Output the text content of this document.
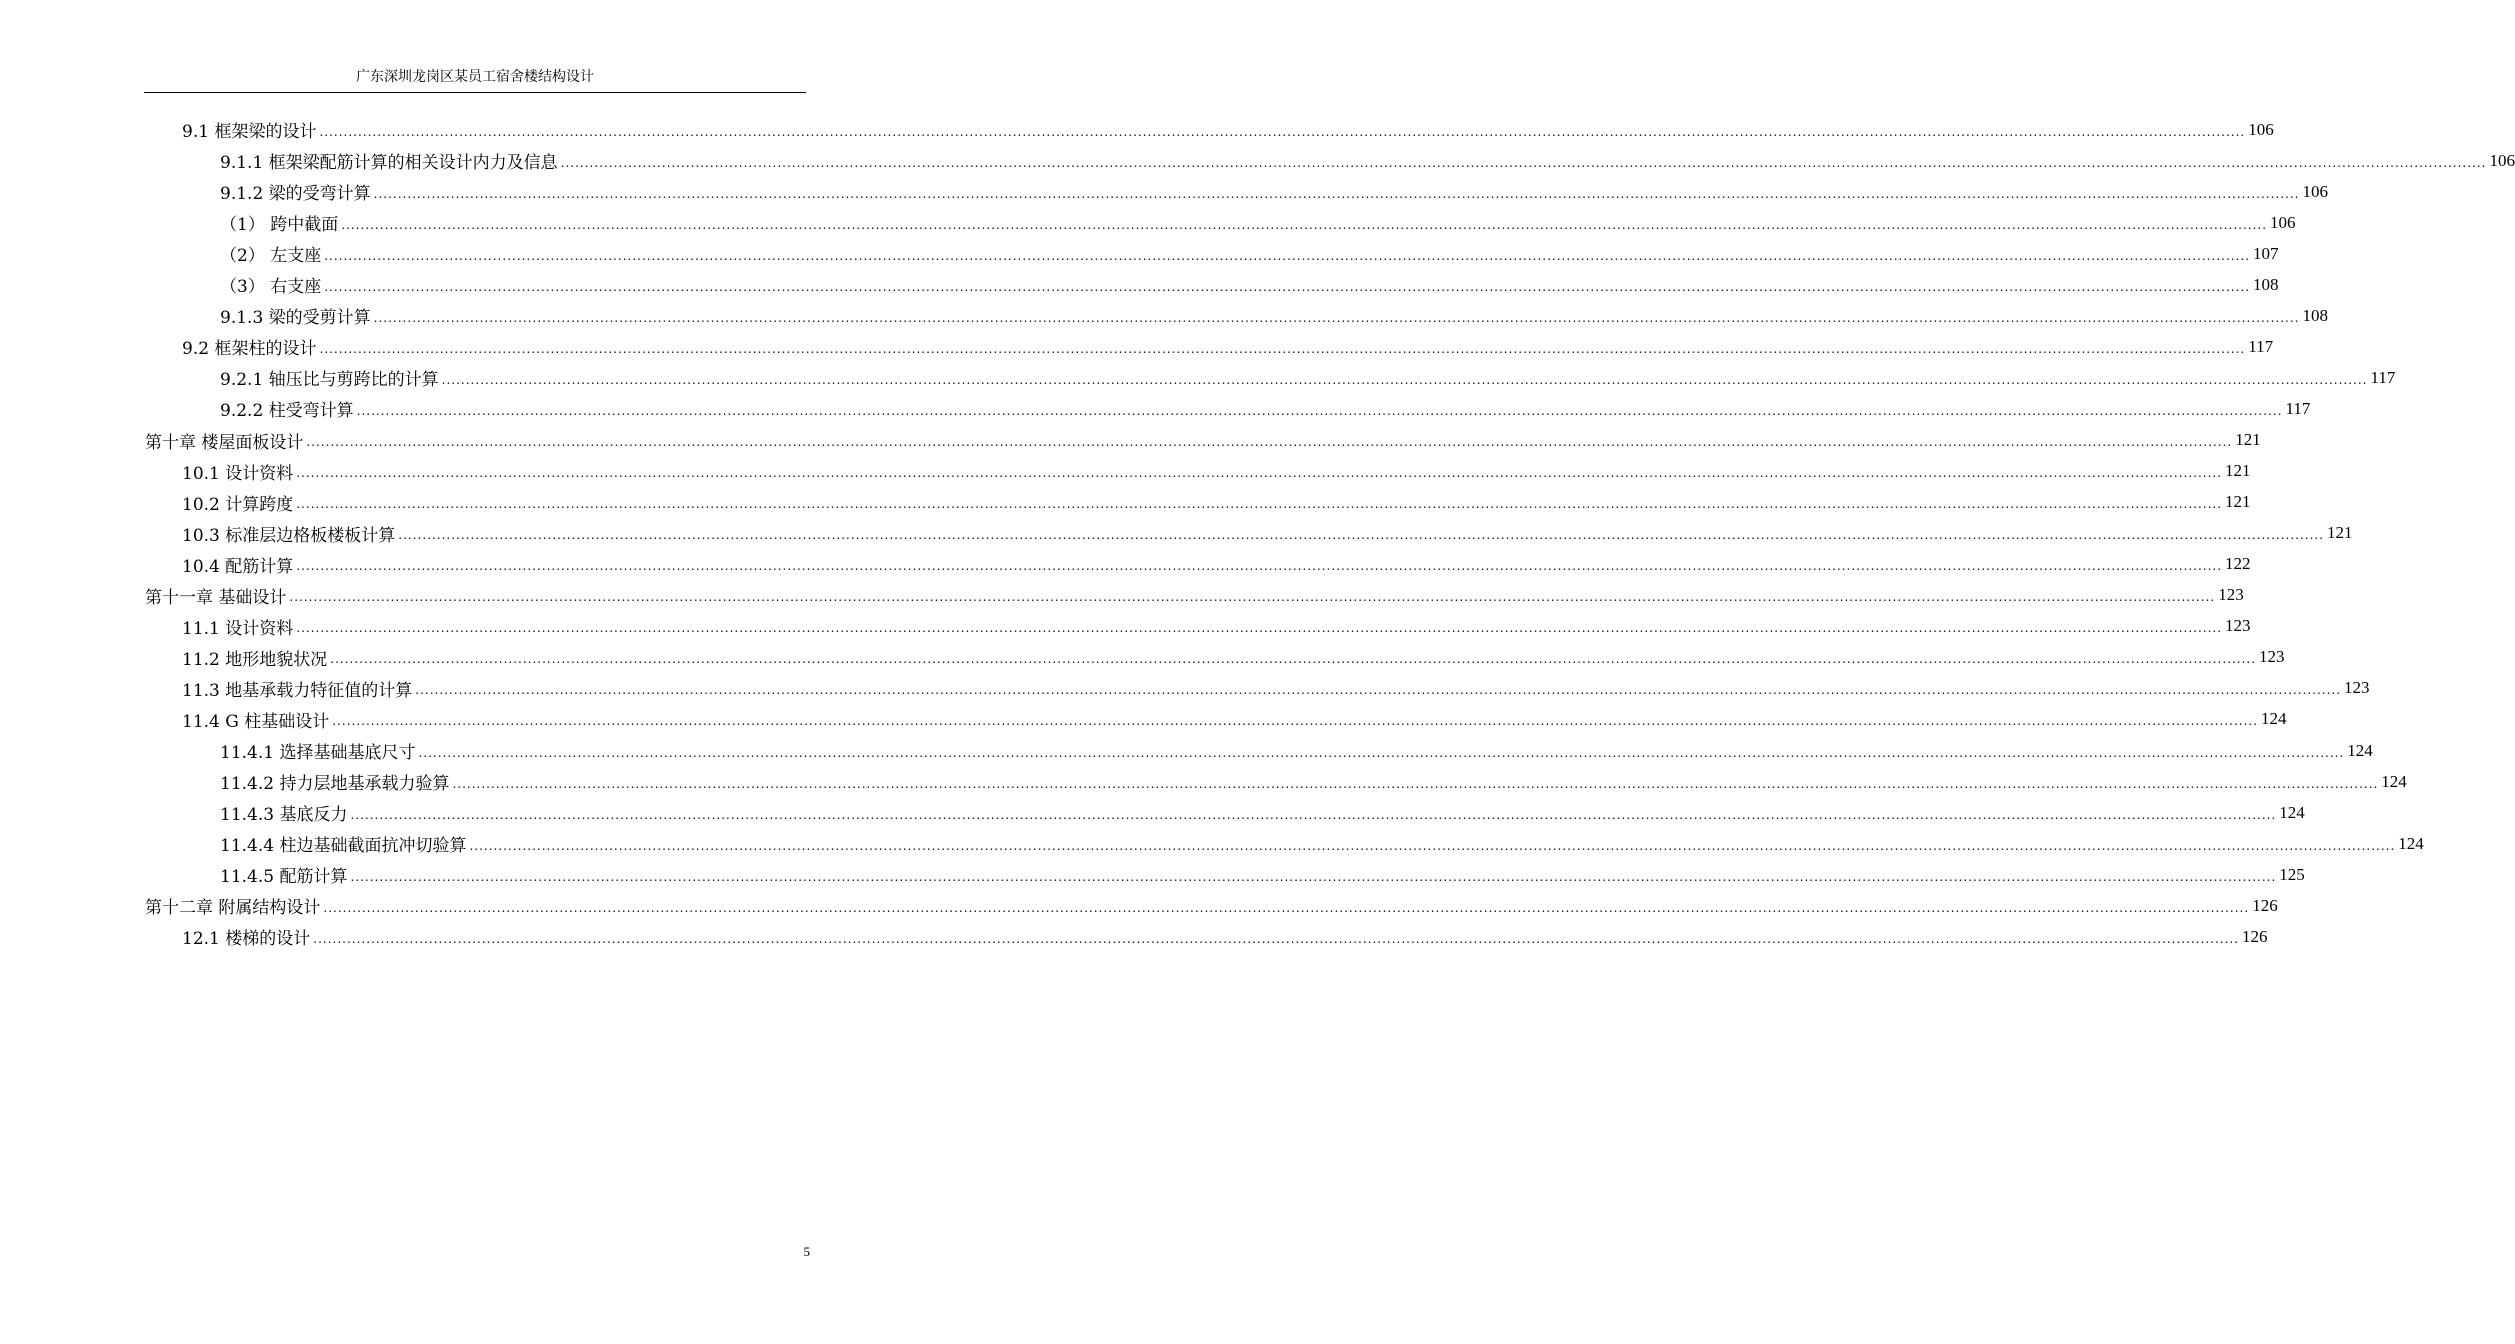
广东深圳龙岗区某员工宿舍楼结构设计
9.1 框架梁的设计 ................................................................................................................................................................................................................................................................................................................................................................................................................ 106
9.1.1 框架梁配筋计算的相关设计内力及信息 ................................................................................................................................................................................................................................................................................................................................................................................................................ 106
9.1.2 梁的受弯计算 ................................................................................................................................................................................................................................................................................................................................................................................................................ 106
（1） 跨中截面 ................................................................................................................................................................................................................................................................................................................................................................................................................ 106
（2） 左支座 ................................................................................................................................................................................................................................................................................................................................................................................................................ 107
（3） 右支座 ................................................................................................................................................................................................................................................................................................................................................................................................................ 108
9.1.3 梁的受剪计算 ................................................................................................................................................................................................................................................................................................................................................................................................................ 108
9.2 框架柱的设计 ................................................................................................................................................................................................................................................................................................................................................................................................................ 117
9.2.1 轴压比与剪跨比的计算 ................................................................................................................................................................................................................................................................................................................................................................................................................ 117
9.2.2 柱受弯计算 ................................................................................................................................................................................................................................................................................................................................................................................................................ 117
第十章 楼屋面板设计 ................................................................................................................................................................................................................................................................................................................................................................................................................ 121
10.1 设计资料 ................................................................................................................................................................................................................................................................................................................................................................................................................ 121
10.2 计算跨度 ................................................................................................................................................................................................................................................................................................................................................................................................................ 121
10.3 标准层边格板楼板计算 ................................................................................................................................................................................................................................................................................................................................................................................................................ 121
10.4 配筋计算 ................................................................................................................................................................................................................................................................................................................................................................................................................ 122
第十一章 基础设计 ................................................................................................................................................................................................................................................................................................................................................................................................................ 123
11.1 设计资料 ................................................................................................................................................................................................................................................................................................................................................................................................................ 123
11.2 地形地貌状况 ................................................................................................................................................................................................................................................................................................................................................................................................................ 123
11.3 地基承载力特征值的计算 ................................................................................................................................................................................................................................................................................................................................................................................................................ 123
11.4 G 柱基础设计 ................................................................................................................................................................................................................................................................................................................................................................................................................ 124
11.4.1 选择基础基底尺寸 ................................................................................................................................................................................................................................................................................................................................................................................................................ 124
11.4.2 持力层地基承载力验算 ................................................................................................................................................................................................................................................................................................................................................................................................................ 124
11.4.3 基底反力 ................................................................................................................................................................................................................................................................................................................................................................................................................ 124
11.4.4 柱边基础截面抗冲切验算 ................................................................................................................................................................................................................................................................................................................................................................................................................ 124
11.4.5 配筋计算 ................................................................................................................................................................................................................................................................................................................................................................................................................ 125
第十二章 附属结构设计 ................................................................................................................................................................................................................................................................................................................................................................................................................ 126
12.1 楼梯的设计 ................................................................................................................................................................................................................................................................................................................................................................................................................ 126
5
